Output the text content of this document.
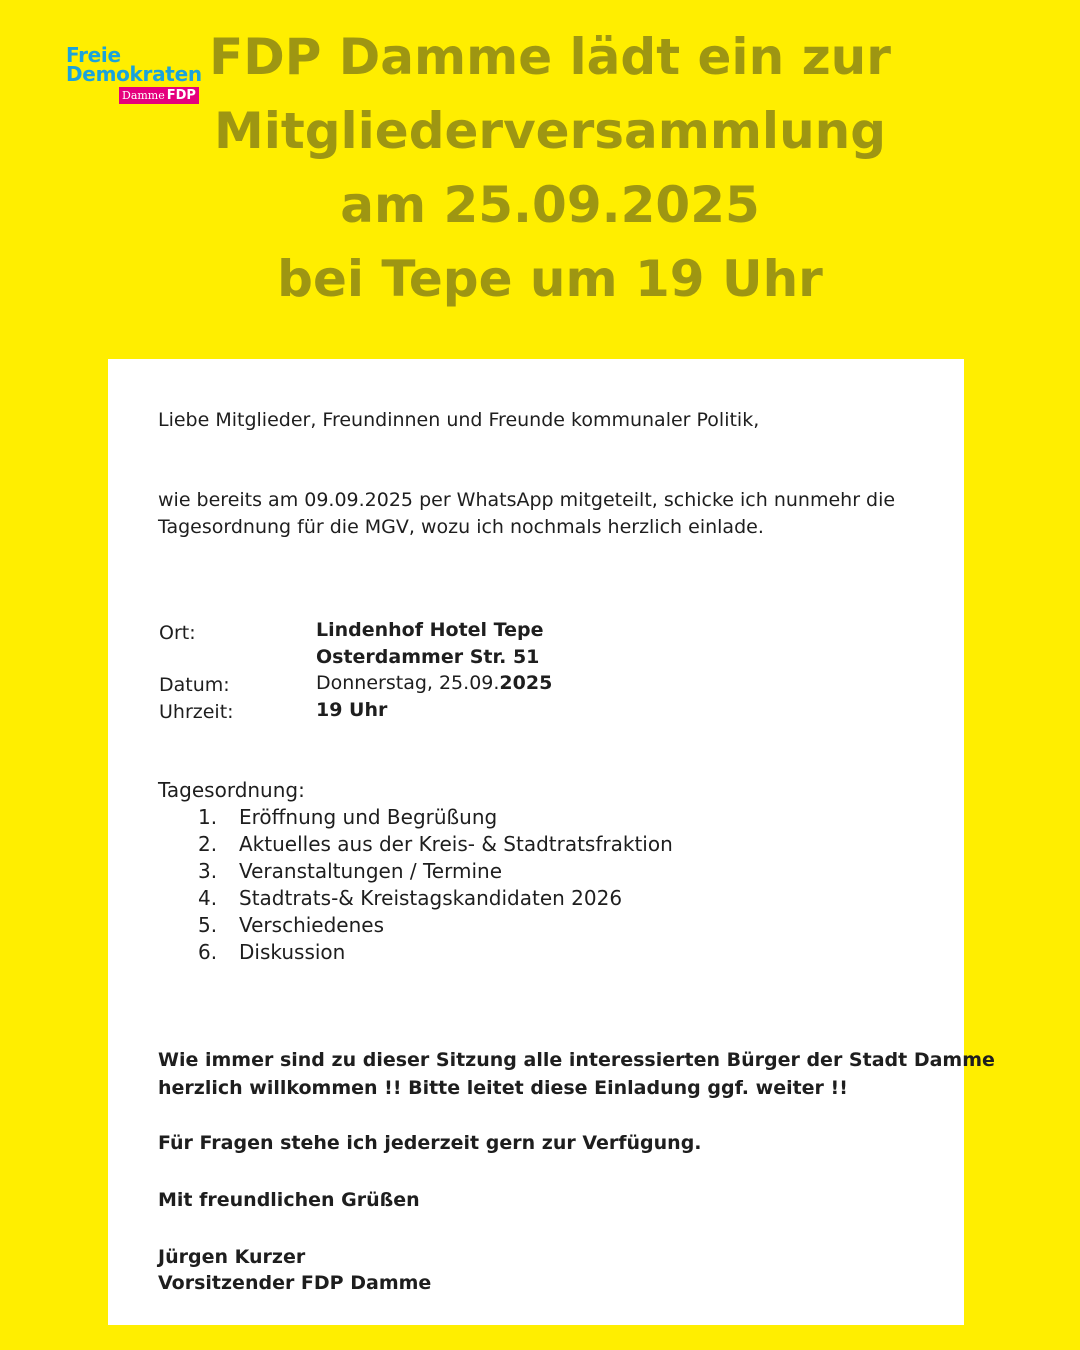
Freie
Demokraten
Damme FDP
FDP Damme lädt ein zur
Mitgliederversammlung
am 25.09.2025
bei Tepe um 19 Uhr
Liebe Mitglieder, Freundinnen und Freunde kommunaler Politik,
wie bereits am 09.09.2025 per WhatsApp mitgeteilt, schicke ich nunmehr die
Tagesordnung für die MGV, wozu ich nochmals herzlich einlade.
Ort:	Lindenhof Hotel Tepe
Osterdammer Str. 51
Datum:	Donnerstag, 25.09.2025
Uhrzeit:	19 Uhr
Tagesordnung:
1. Eröffnung und Begrüßung
2. Aktuelles aus der Kreis- & Stadtratsfraktion
3. Veranstaltungen / Termine
4. Stadtrats-& Kreistagskandidaten 2026
5. Verschiedenes
6. Diskussion
Wie immer sind zu dieser Sitzung alle interessierten Bürger der Stadt Damme
herzlich willkommen !! Bitte leitet diese Einladung ggf. weiter !!
Für Fragen stehe ich jederzeit gern zur Verfügung.
Mit freundlichen Grüßen
Jürgen Kurzer
Vorsitzender FDP Damme
